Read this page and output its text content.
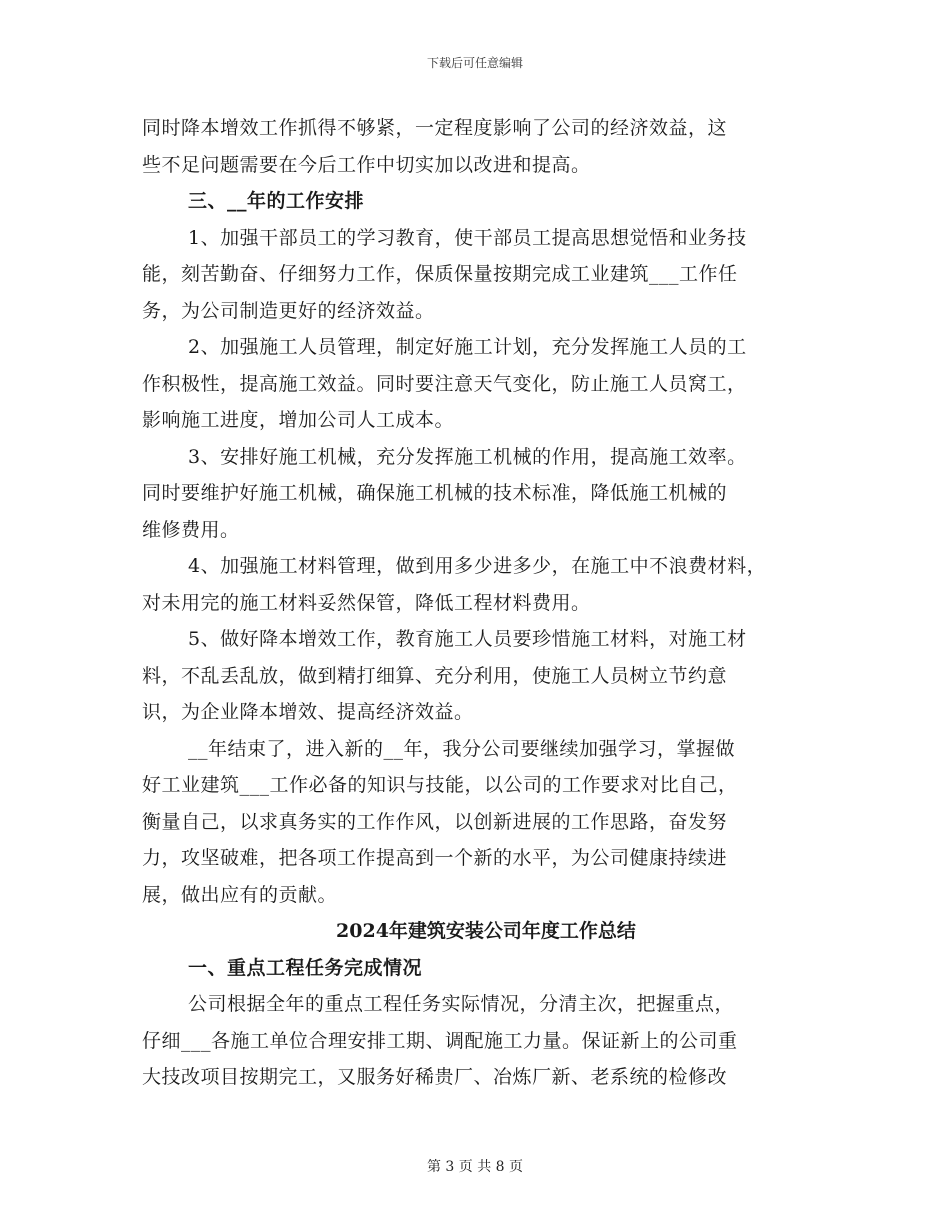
下载后可任意编辑
同时降本增效工作抓得不够紧，一定程度影响了公司的经济效益，这
些不足问题需要在今后工作中切实加以改进和提高。
三、__年的工作安排
1、加强干部员工的学习教育，使干部员工提高思想觉悟和业务技
能，刻苦勤奋、仔细努力工作，保质保量按期完成工业建筑___工作任
务，为公司制造更好的经济效益。
2、加强施工人员管理，制定好施工计划，充分发挥施工人员的工
作积极性，提高施工效益。同时要注意天气变化，防止施工人员窝工，
影响施工进度，增加公司人工成本。
3、安排好施工机械，充分发挥施工机械的作用，提高施工效率。
同时要维护好施工机械，确保施工机械的技术标准，降低施工机械的
维修费用。
4、加强施工材料管理，做到用多少进多少，在施工中不浪费材料，
对未用完的施工材料妥然保管，降低工程材料费用。
5、做好降本增效工作，教育施工人员要珍惜施工材料，对施工材
料，不乱丢乱放，做到精打细算、充分利用，使施工人员树立节约意
识，为企业降本增效、提高经济效益。
__年结束了，进入新的__年，我分公司要继续加强学习，掌握做
好工业建筑___工作必备的知识与技能，以公司的工作要求对比自己，
衡量自己，以求真务实的工作作风，以创新进展的工作思路，奋发努
力，攻坚破难，把各项工作提高到一个新的水平，为公司健康持续进
展，做出应有的贡献。
2024年建筑安装公司年度工作总结
一、重点工程任务完成情况
公司根据全年的重点工程任务实际情况，分清主次，把握重点，
仔细___各施工单位合理安排工期、调配施工力量。保证新上的公司重
大技改项目按期完工，又服务好稀贵厂、冶炼厂新、老系统的检修改
第 3 页 共 8 页
